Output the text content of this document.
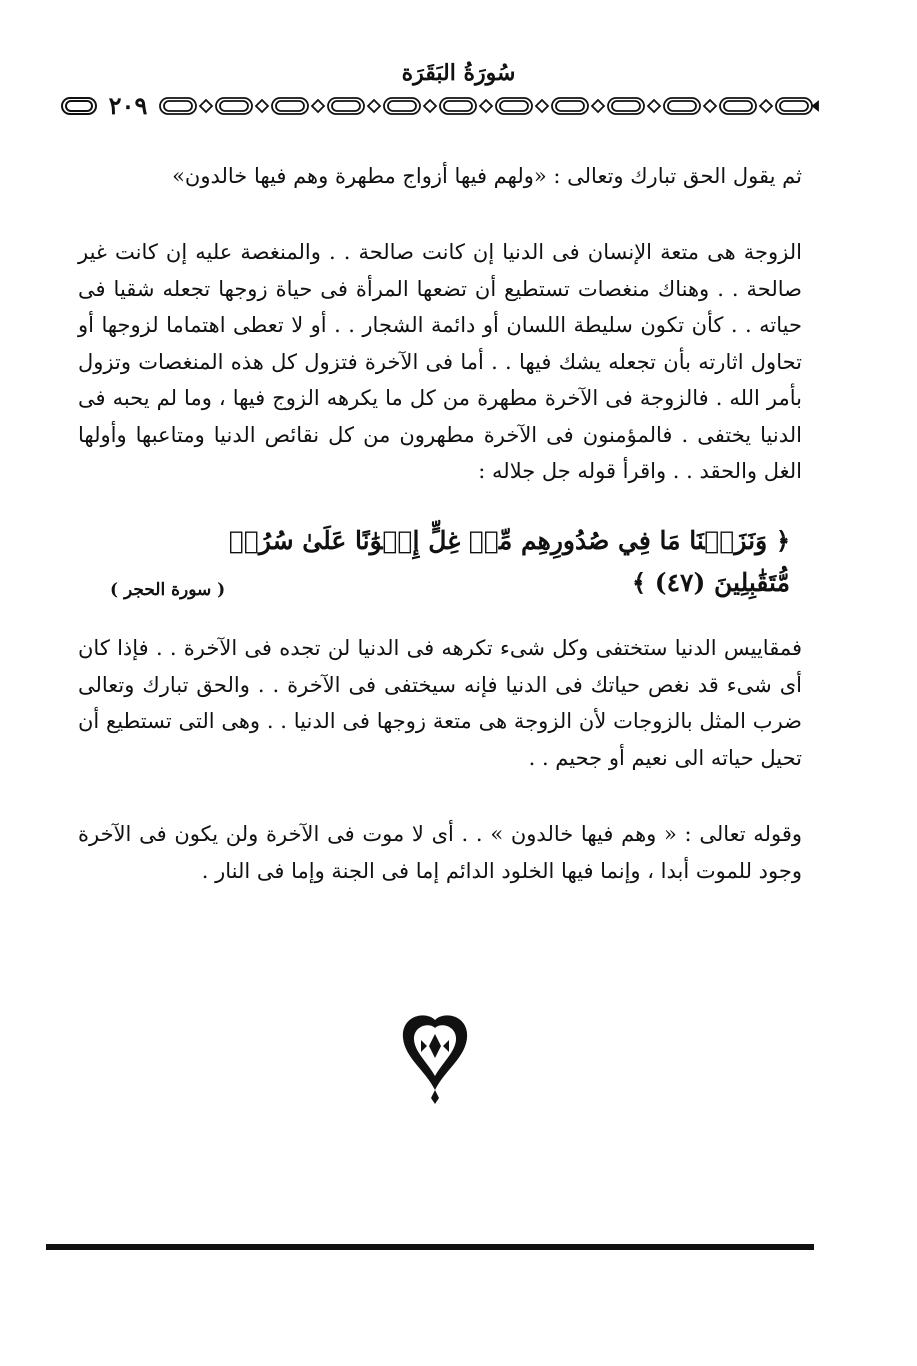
سُورَةُ البَقَرَة
٢٠٩

ثم يقول الحق تبارك وتعالى : «ولهم فيها أزواج مطهرة وهم فيها خالدون»

الزوجة هى متعة الإنسان فى الدنيا إن كانت صالحة . . والمنغصة عليه إن كانت غير صالحة . . وهناك منغصات تستطيع أن تضعها المرأة فى حياة زوجها تجعله شقيا فى حياته . . كأن تكون سليطة اللسان أو دائمة الشجار . . أو لا تعطى اهتماما لزوجها أو تحاول اثارته بأن تجعله يشك فيها . . أما فى الآخرة فتزول كل هذه المنغصات وتزول بأمر الله . فالزوجة فى الآخرة مطهرة من كل ما يكرهه الزوج فيها ، وما لم يحبه فى الدنيا يختفى . فالمؤمنون فى الآخرة مطهرون من كل نقائص الدنيا ومتاعبها وأولها الغل والحقد . . واقرأ قوله جل جلاله :

﴿ وَنَزَعۡنَا مَا فِي صُدُورِهِم مِّنۡ غِلٍّ إِخۡوَٰنًا عَلَىٰ سُرُرٖ مُّتَقَٰبِلِينَ (٤٧) ﴾
( سورة الحجر )

فمقاييس الدنيا ستختفى وكل شىء تكرهه فى الدنيا لن تجده فى الآخرة . . فإذا كان أى شىء قد نغص حياتك فى الدنيا فإنه سيختفى فى الآخرة . . والحق تبارك وتعالى ضرب المثل بالزوجات لأن الزوجة هى متعة زوجها فى الدنيا . . وهى التى تستطيع أن تحيل حياته الى نعيم أو جحيم . .

وقوله تعالى : « وهم فيها خالدون » . . أى لا موت فى الآخرة ولن يكون فى الآخرة وجود للموت أبدا ، وإنما فيها الخلود الدائم إما فى الجنة وإما فى النار .
